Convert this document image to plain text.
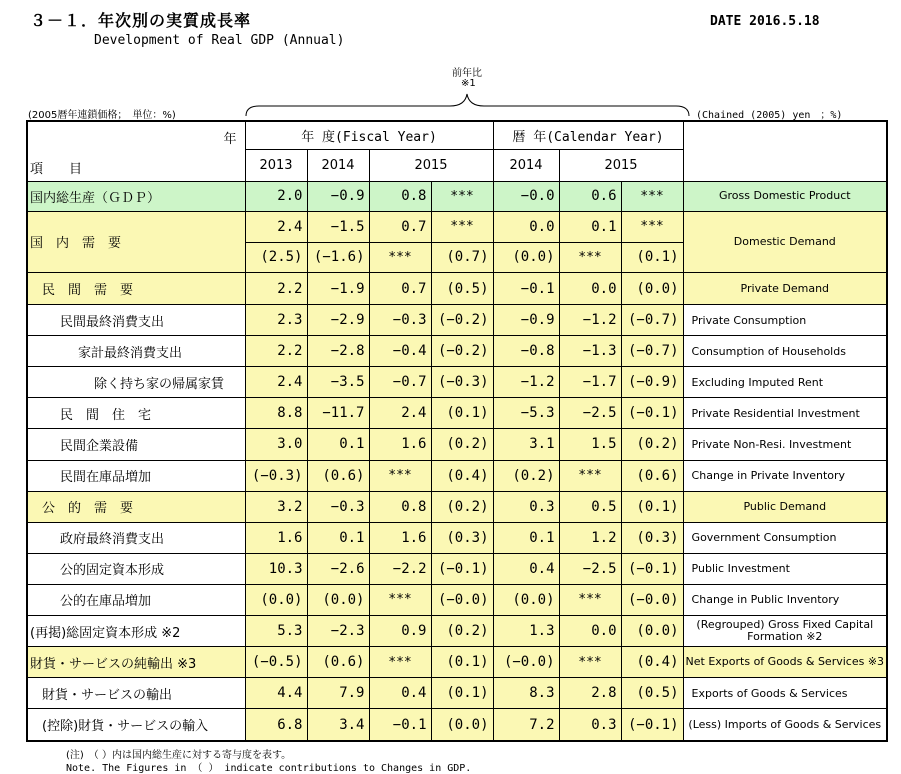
３－１．年次別の実質成長率
Development of Real GDP (Annual)
DATE 2016.5.18
前年比
※1
(2005暦年連鎖価格；　単位：%)	(Chained (2005) yen　；%)
年
項　　目	年 度(Fiscal Year)				暦 年(Calendar Year)			
	2013	2014	2015		2014	2015		
国内総生産（ＧＤＰ）	2.0	−0.9	0.8	***	−0.0	0.6	***	Gross Domestic Product
国　内　需　要	2.4	−1.5	0.7	***	0.0	0.1	***	Domestic Demand
	(2.5)	(−1.6)	***	(0.7)	(0.0)	***	(0.1)	
民　間　需　要	2.2	−1.9	0.7	(0.5)	−0.1	0.0	(0.0)	Private Demand
民間最終消費支出	2.3	−2.9	−0.3	(−0.2)	−0.9	−1.2	(−0.7)	Private Consumption
家計最終消費支出	2.2	−2.8	−0.4	(−0.2)	−0.8	−1.3	(−0.7)	Consumption of Households
除く持ち家の帰属家賃	2.4	−3.5	−0.7	(−0.3)	−1.2	−1.7	(−0.9)	Excluding Imputed Rent
民　間　住　宅	8.8	−11.7	2.4	(0.1)	−5.3	−2.5	(−0.1)	Private Residential Investment
民間企業設備	3.0	0.1	1.6	(0.2)	3.1	1.5	(0.2)	Private Non-Resi. Investment
民間在庫品増加	(−0.3)	(0.6)	***	(0.4)	(0.2)	***	(0.6)	Change in Private Inventory
公　的　需　要	3.2	−0.3	0.8	(0.2)	0.3	0.5	(0.1)	Public Demand
政府最終消費支出	1.6	0.1	1.6	(0.3)	0.1	1.2	(0.3)	Government Consumption
公的固定資本形成	10.3	−2.6	−2.2	(−0.1)	0.4	−2.5	(−0.1)	Public Investment
公的在庫品増加	(0.0)	(0.0)	***	(−0.0)	(0.0)	***	(−0.0)	Change in Public Inventory
(再掲)総固定資本形成 ※2	5.3	−2.3	0.9	(0.2)	1.3	0.0	(0.0)	(Regrouped) Gross Fixed Capital Formation ※2
財貨・サービスの純輸出 ※3	(−0.5)	(0.6)	***	(0.1)	(−0.0)	***	(0.4)	Net Exports of Goods & Services ※3
財貨・サービスの輸出	4.4	7.9	0.4	(0.1)	8.3	2.8	(0.5)	Exports of Goods & Services
(控除)財貨・サービスの輸入	6.8	3.4	−0.1	(0.0)	7.2	0.3	(−0.1)	(Less) Imports of Goods & Services
(注)　（ ）内は国内総生産に対する寄与度を表す。
Note. The Figures in （ ） indicate contributions to Changes in GDP.
